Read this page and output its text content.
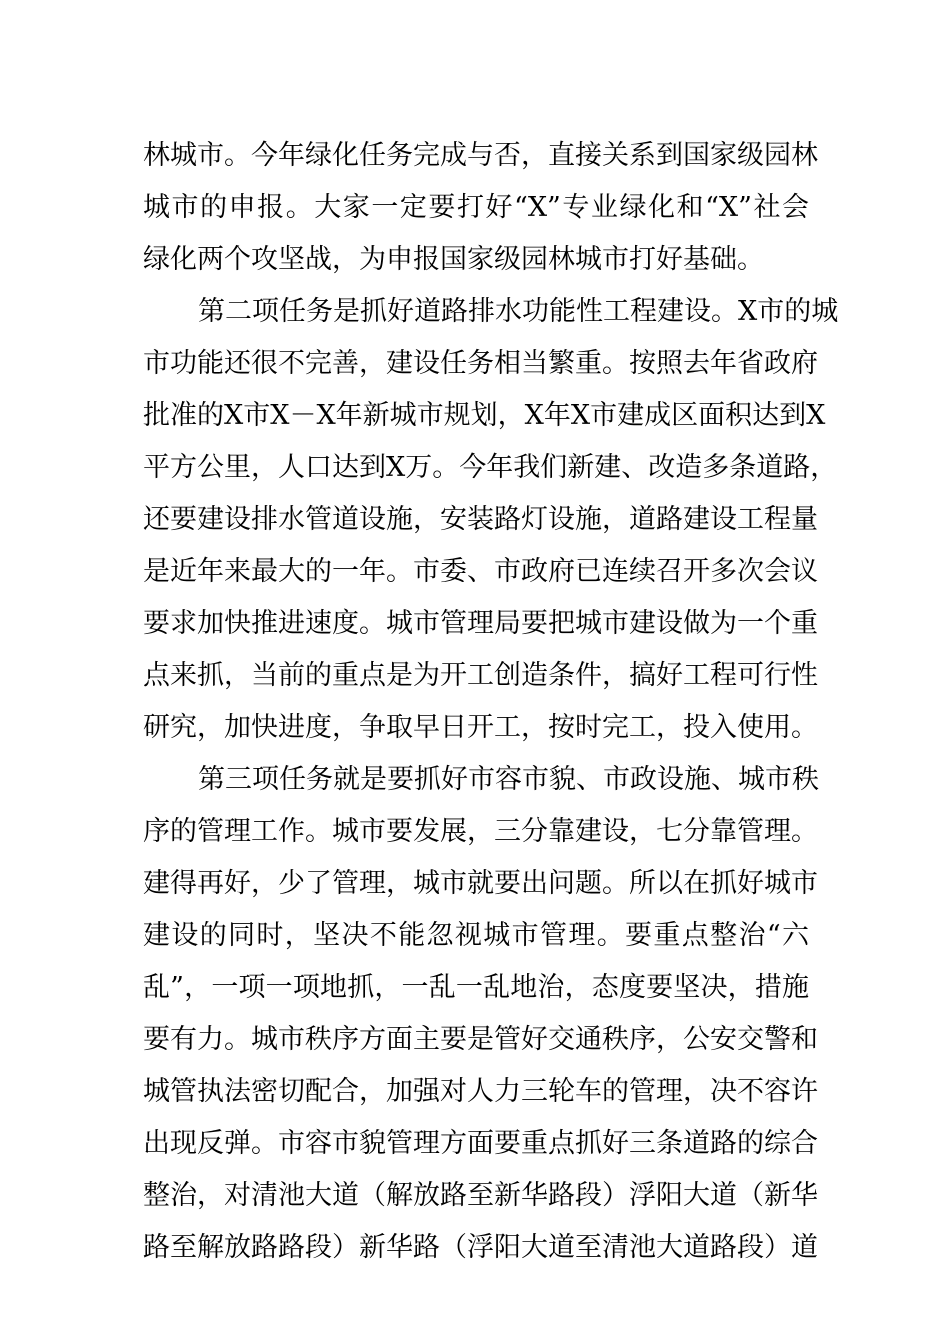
林城市。今年绿化任务完成与否，直接关系到国家级园林
城市的申报。大家一定要打好“X”专业绿化和“X”社会
绿化两个攻坚战，为申报国家级园林城市打好基础。
第二项任务是抓好道路排水功能性工程建设。X市的城
市功能还很不完善，建设任务相当繁重。按照去年省政府
批准的X市X－X年新城市规划，X年X市建成区面积达到X
平方公里，人口达到X万。今年我们新建、改造多条道路，
还要建设排水管道设施，安装路灯设施，道路建设工程量
是近年来最大的一年。市委、市政府已连续召开多次会议
要求加快推进速度。城市管理局要把城市建设做为一个重
点来抓，当前的重点是为开工创造条件，搞好工程可行性
研究，加快进度，争取早日开工，按时完工，投入使用。
第三项任务就是要抓好市容市貌、市政设施、城市秩
序的管理工作。城市要发展，三分靠建设，七分靠管理。
建得再好，少了管理，城市就要出问题。所以在抓好城市
建设的同时，坚决不能忽视城市管理。要重点整治“六
乱”，一项一项地抓，一乱一乱地治，态度要坚决，措施
要有力。城市秩序方面主要是管好交通秩序，公安交警和
城管执法密切配合，加强对人力三轮车的管理，决不容许
出现反弹。市容市貌管理方面要重点抓好三条道路的综合
整治，对清池大道（解放路至新华路段）浮阳大道（新华
路至解放路路段）新华路（浮阳大道至清池大道路段）道
